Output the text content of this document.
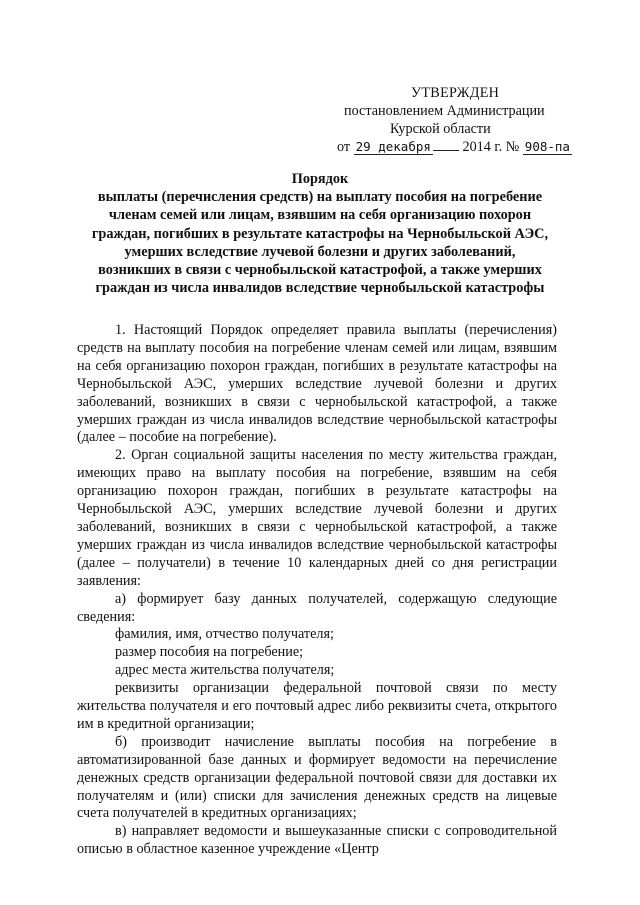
УТВЕРЖДЕН
постановлением Администрации
Курской области
от 29 декабря 2014 г. № 908-па
Порядок
выплаты (перечисления средств) на выплату пособия на погребение
членам семей или лицам, взявшим на себя организацию похорон
граждан, погибших в результате катастрофы на Чернобыльской АЭС,
умерших вследствие лучевой болезни и других заболеваний,
возникших в связи с чернобыльской катастрофой, а также умерших
граждан из числа инвалидов вследствие чернобыльской катастрофы

1. Настоящий Порядок определяет правила выплаты (перечисления) средств на выплату пособия на погребение членам семей или лицам, взявшим на себя организацию похорон граждан, погибших в результате катастрофы на Чернобыльской АЭС, умерших вследствие лучевой болезни и других заболеваний, возникших в связи с чернобыльской катастрофой, а также умерших граждан из числа инвалидов вследствие чернобыльской катастрофы (далее – пособие на погребение).

2. Орган социальной защиты населения по месту жительства граждан, имеющих право на выплату пособия на погребение, взявшим на себя организацию похорон граждан, погибших в результате катастрофы на Чернобыльской АЭС, умерших вследствие лучевой болезни и других заболеваний, возникших в связи с чернобыльской катастрофой, а также умерших граждан из числа инвалидов вследствие чернобыльской катастрофы (далее – получатели) в течение 10 календарных дней со дня регистрации заявления:

а) формирует базу данных получателей, содержащую следующие сведения:

фамилия, имя, отчество получателя;

размер пособия на погребение;

адрес места жительства получателя;

реквизиты организации федеральной почтовой связи по месту жительства получателя и его почтовый адрес либо реквизиты счета, открытого им в кредитной организации;

б) производит начисление выплаты пособия на погребение в автоматизированной базе данных и формирует ведомости на перечисление денежных средств организации федеральной почтовой связи для доставки их получателям и (или) списки для зачисления денежных средств на лицевые счета получателей в кредитных организациях;

в) направляет ведомости и вышеуказанные списки с сопроводительной описью в областное казенное учреждение «Центр
